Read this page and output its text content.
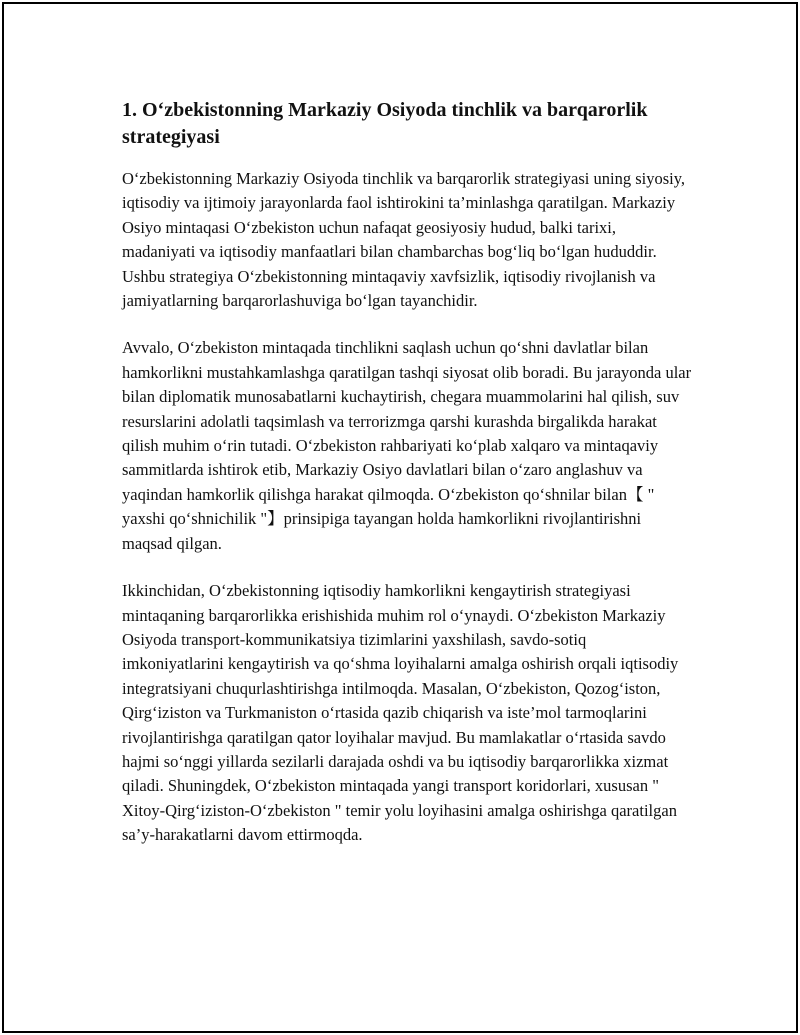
1. O‘zbekistonning Markaziy Osiyoda tinchlik va barqarorlik strategiyasi

O‘zbekistonning Markaziy Osiyoda tinchlik va barqarorlik strategiyasi uning siyosiy, iqtisodiy va ijtimoiy jarayonlarda faol ishtirokini ta’minlashga qaratilgan. Markaziy Osiyo mintaqasi O‘zbekiston uchun nafaqat geosiyosiy hudud, balki tarixi, madaniyati va iqtisodiy manfaatlari bilan chambarchas bog‘liq bo‘lgan hududdir. Ushbu strategiya O‘zbekistonning mintaqaviy xavfsizlik, iqtisodiy rivojlanish va jamiyatlarning barqarorlashuviga bo‘lgan tayanchidir.

Avvalo, O‘zbekiston mintaqada tinchlikni saqlash uchun qo‘shni davlatlar bilan hamkorlikni mustahkamlashga qaratilgan tashqi siyosat olib boradi. Bu jarayonda ular bilan diplomatik munosabatlarni kuchaytirish, chegara muammolarini hal qilish, suv resurslarini adolatli taqsimlash va terrorizmga qarshi kurashda birgalikda harakat qilish muhim o‘rin tutadi. O‘zbekiston rahbariyati ko‘plab xalqaro va mintaqaviy sammitlarda ishtirok etib, Markaziy Osiyo davlatlari bilan o‘zaro anglashuv va yaqindan hamkorlik qilishga harakat qilmoqda. O‘zbekiston qo‘shnilar bilan【 " yaxshi qo‘shnichilik "】prinsipiga tayangan holda hamkorlikni rivojlantirishni maqsad qilgan.

Ikkinchidan, O‘zbekistonning iqtisodiy hamkorlikni kengaytirish strategiyasi mintaqaning barqarorlikka erishishida muhim rol o‘ynaydi. O‘zbekiston Markaziy Osiyoda transport-kommunikatsiya tizimlarini yaxshilash, savdo-sotiq imkoniyatlarini kengaytirish va qo‘shma loyihalarni amalga oshirish orqali iqtisodiy integratsiyani chuqurlashtirishga intilmoqda. Masalan, O‘zbekiston, Qozog‘iston, Qirg‘iziston va Turkmaniston o‘rtasida qazib chiqarish va iste’mol tarmoqlarini rivojlantirishga qaratilgan qator loyihalar mavjud. Bu mamlakatlar o‘rtasida savdo hajmi so‘nggi yillarda sezilarli darajada oshdi va bu iqtisodiy barqarorlikka xizmat qiladi. Shuningdek, O‘zbekiston mintaqada yangi transport koridorlari, xususan " Xitoy-Qirg‘iziston-O‘zbekiston " temir yolu loyihasini amalga oshirishga qaratilgan sa’y-harakatlarni davom ettirmoqda.
